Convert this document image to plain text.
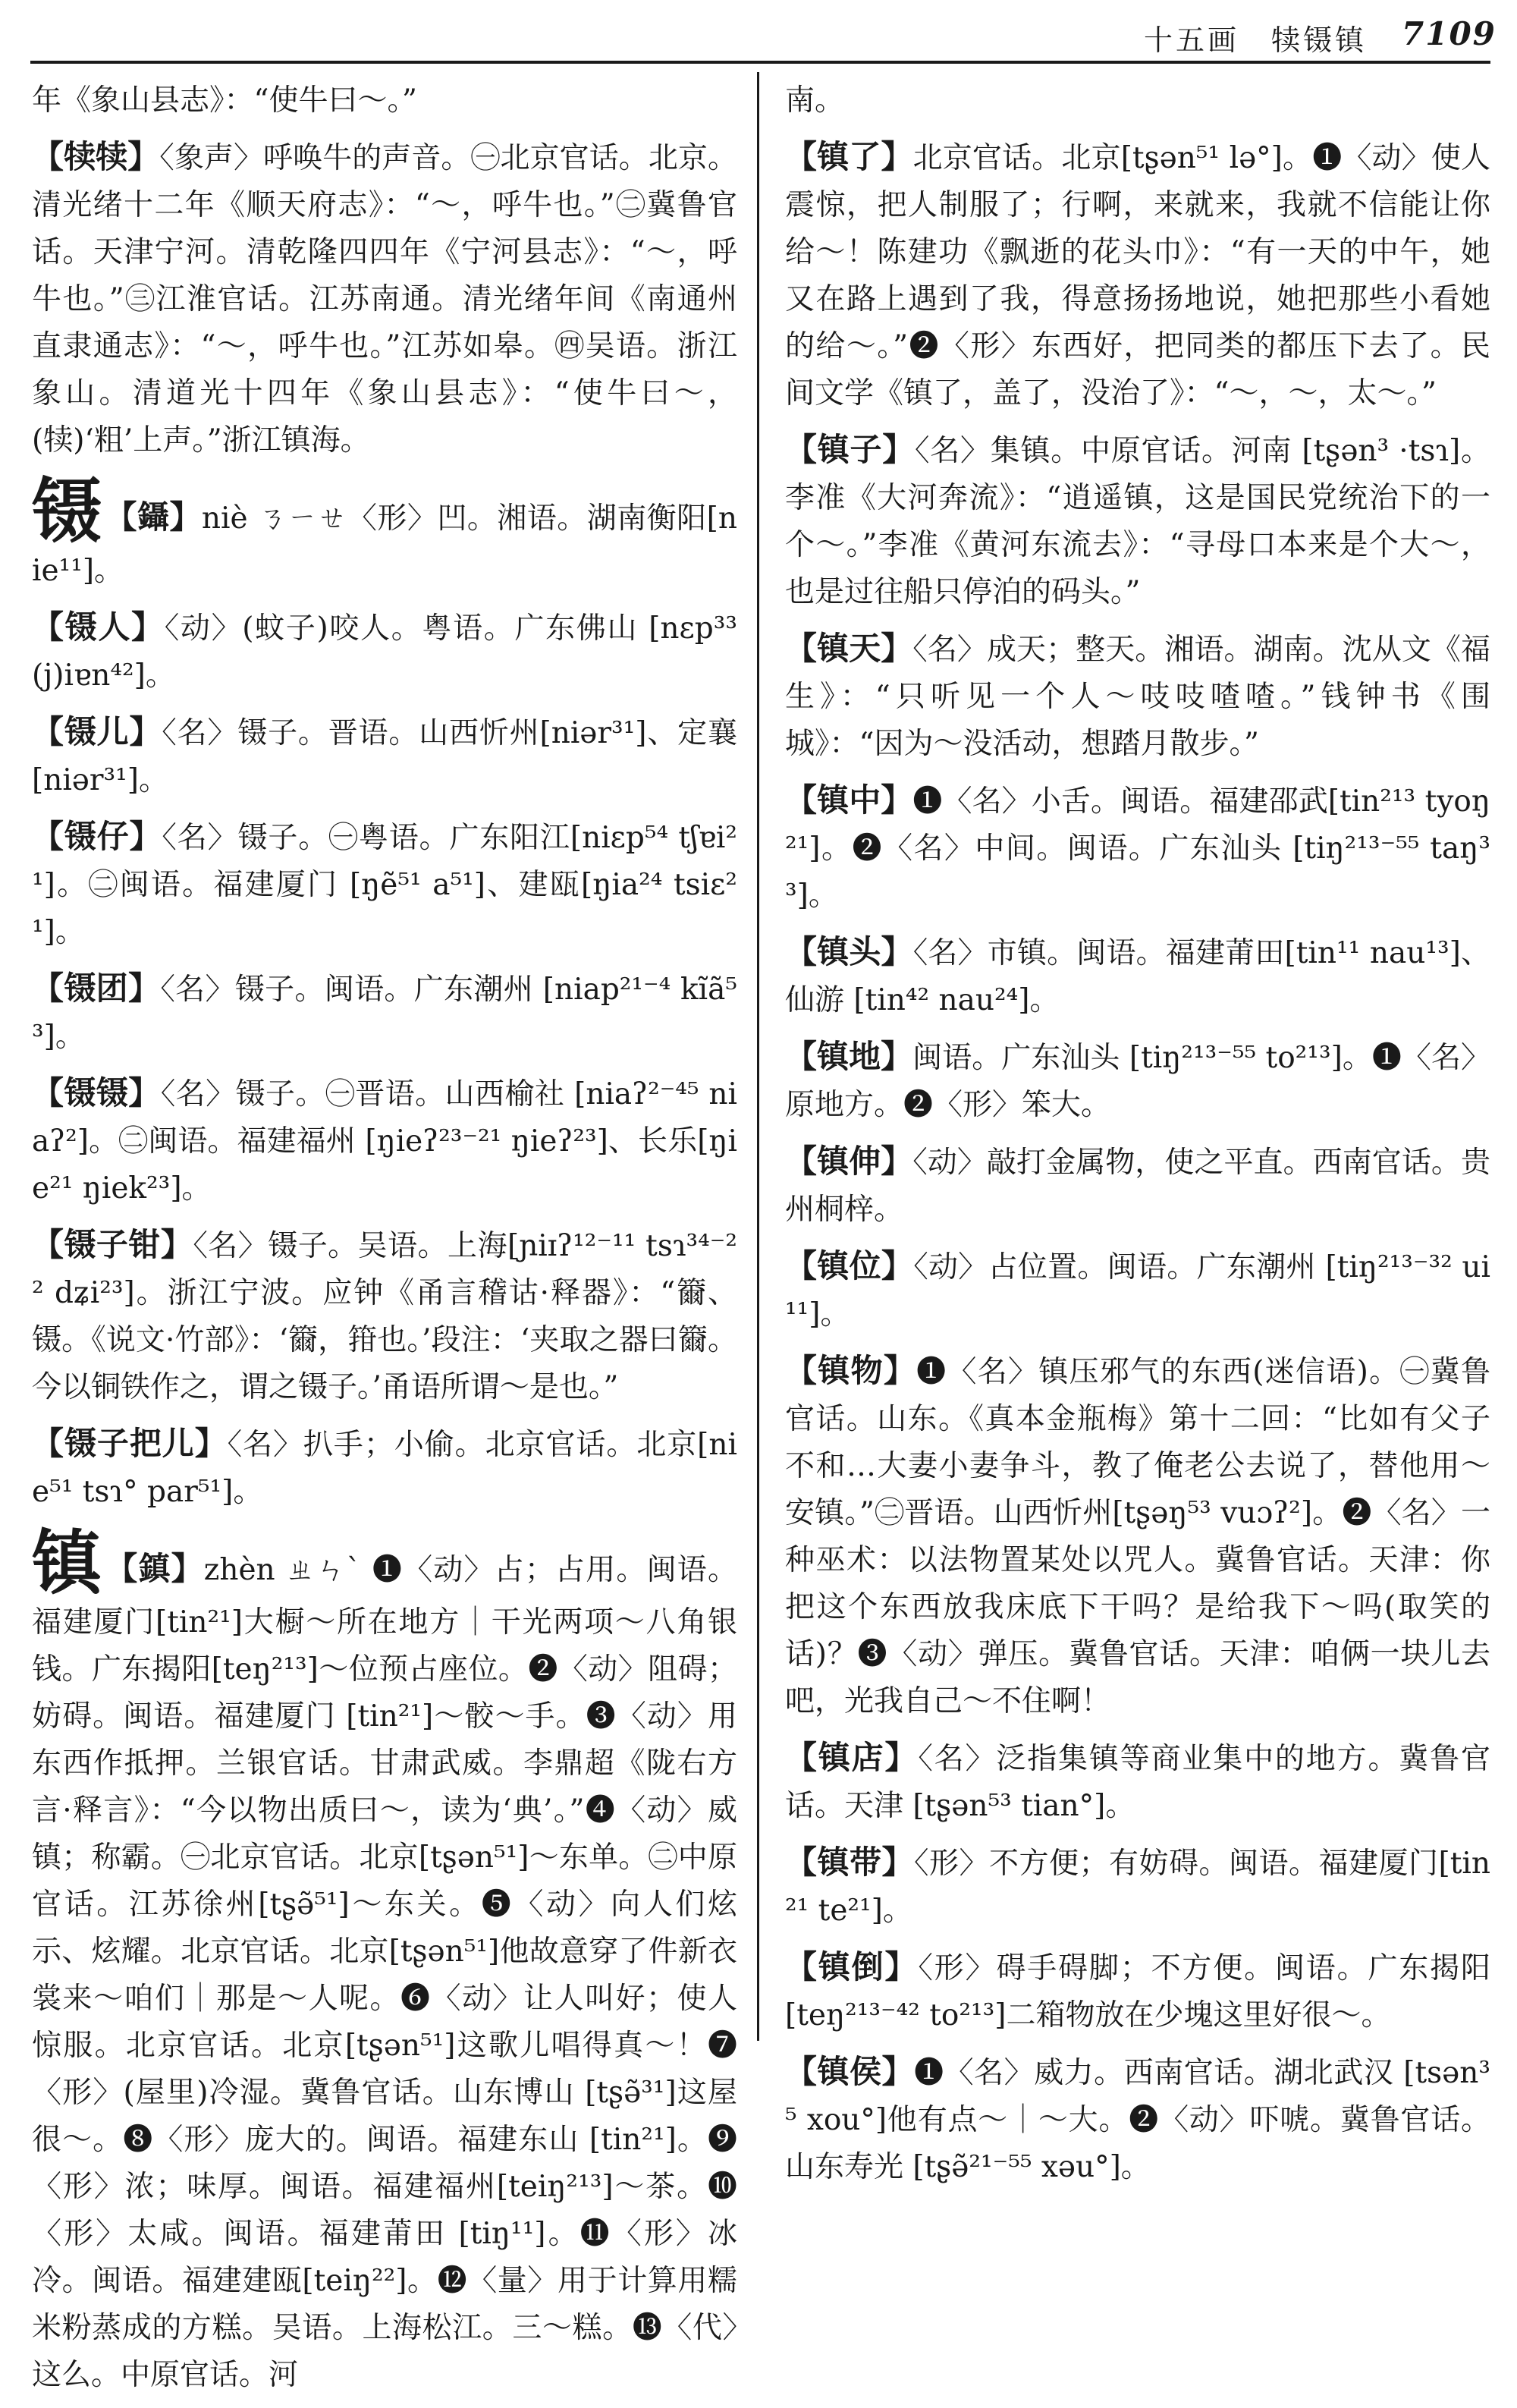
十五画　犊镊镇 7109

年《象山县志》：“使牛曰～。”

【犊犊】〈象声〉呼唤牛的声音。㊀北京官话。北京。清光绪十二年《顺天府志》：“～，呼牛也。”㊁冀鲁官话。天津宁河。清乾隆四四年《宁河县志》：“～，呼牛也。”㊂江淮官话。江苏南通。清光绪年间《南通州直隶通志》：“～，呼牛也。”江苏如皋。㊃吴语。浙江象山。清道光十四年《象山县志》：“使牛曰～，(犊)‘粗’上声。”浙江镇海。

镊【鑷】niè ㄋㄧㄝ〈形〉凹。湘语。湖南衡阳[nie¹¹]。

【镊人】〈动〉(蚊子)咬人。粤语。广东佛山 [nɛp³³ (j)iɐn⁴²]。

【镊儿】〈名〉镊子。晋语。山西忻州[niər³¹]、定襄[niər³¹]。

【镊仔】〈名〉镊子。㊀粤语。广东阳江[niɛp⁵⁴ tʃɐi²¹]。㊁闽语。福建厦门 [ŋẽ⁵¹ a⁵¹]、建瓯[ŋia²⁴ tsiɛ²¹]。

【镊团】〈名〉镊子。闽语。广东潮州 [niap²¹⁻⁴ kĩã⁵³]。

【镊镊】〈名〉镊子。㊀晋语。山西榆社 [niaʔ²⁻⁴⁵ niaʔ²]。㊁闽语。福建福州 [ŋieʔ²³⁻²¹ ŋieʔ²³]、长乐[ŋie²¹ ŋiek²³]。

【镊子钳】〈名〉镊子。吴语。上海[ɲiɪʔ¹²⁻¹¹ tsɿ³⁴⁻²² dʑi²³]。浙江宁波。应钟《甬言稽诂·释器》：“籋、镊。《说文·竹部》：‘籋，箝也。’段注：‘夹取之器曰籋。今以铜铁作之，谓之镊子。’甬语所谓～是也。”

【镊子把儿】〈名〉扒手；小偷。北京官话。北京[nie⁵¹ tsɿ° par⁵¹]。

镇【鎮】zhèn ㄓㄣˋ ❶〈动〉占；占用。闽语。福建厦门[tin²¹]大橱～所在地方｜干光两项～八角银钱。广东揭阳[teŋ²¹³]～位预占座位。❷〈动〉阻碍；妨碍。闽语。福建厦门 [tin²¹]～骹～手。❸〈动〉用东西作抵押。兰银官话。甘肃武威。李鼎超《陇右方言·释言》：“今以物出质曰～，读为‘典’。”❹〈动〉威镇；称霸。㊀北京官话。北京[tʂən⁵¹]～东单。㊁中原官话。江苏徐州[tʂə̃⁵¹]～东关。❺〈动〉向人们炫示、炫耀。北京官话。北京[tʂən⁵¹]他故意穿了件新衣裳来～咱们｜那是～人呢。❻〈动〉让人叫好；使人惊服。北京官话。北京[tʂən⁵¹]这歌儿唱得真～！❼〈形〉(屋里)冷湿。冀鲁官话。山东博山 [tʂə̃³¹]这屋很～。❽〈形〉庞大的。闽语。福建东山 [tin²¹]。❾〈形〉浓；味厚。闽语。福建福州[teiŋ²¹³]～茶。❿〈形〉太咸。闽语。福建莆田 [tiŋ¹¹]。⓫〈形〉冰冷。闽语。福建建瓯[teiŋ²²]。⓬〈量〉用于计算用糯米粉蒸成的方糕。吴语。上海松江。三～糕。⓭〈代〉这么。中原官话。河

南。

【镇了】北京官话。北京[tʂən⁵¹ lə°]。❶〈动〉使人震惊，把人制服了；行啊，来就来，我就不信能让你给～！陈建功《飘逝的花头巾》：“有一天的中午，她又在路上遇到了我，得意扬扬地说，她把那些小看她的给～。”❷〈形〉东西好，把同类的都压下去了。民间文学《镇了，盖了，没治了》：“～，～，太～。”

【镇子】〈名〉集镇。中原官话。河南 [tʂən³ ·tsɿ]。李准《大河奔流》：“逍遥镇，这是国民党统治下的一个～。”李准《黄河东流去》：“寻母口本来是个大～，也是过往船只停泊的码头。”

【镇天】〈名〉成天；整天。湘语。湖南。沈从文《福生》：“只听见一个人～吱吱喳喳。”钱钟书《围城》：“因为～没活动，想踏月散步。”

【镇中】❶〈名〉小舌。闽语。福建邵武[tin²¹³ tyoŋ²¹]。❷〈名〉中间。闽语。广东汕头 [tiŋ²¹³⁻⁵⁵ taŋ³³]。

【镇头】〈名〉市镇。闽语。福建莆田[tin¹¹ nau¹³]、仙游 [tin⁴² nau²⁴]。

【镇地】闽语。广东汕头 [tiŋ²¹³⁻⁵⁵ to²¹³]。❶〈名〉原地方。❷〈形〉笨大。

【镇伸】〈动〉敲打金属物，使之平直。西南官话。贵州桐梓。

【镇位】〈动〉占位置。闽语。广东潮州 [tiŋ²¹³⁻³² ui¹¹]。

【镇物】❶〈名〉镇压邪气的东西(迷信语)。㊀冀鲁官话。山东。《真本金瓶梅》第十二回：“比如有父子不和…大妻小妻争斗，教了俺老公去说了，替他用～安镇。”㊁晋语。山西忻州[tʂəŋ⁵³ vuɔʔ²]。❷〈名〉一种巫术：以法物置某处以咒人。冀鲁官话。天津：你把这个东西放我床底下干吗？是给我下～吗(取笑的话)？❸〈动〉弹压。冀鲁官话。天津：咱俩一块儿去吧，光我自己～不住啊！

【镇店】〈名〉泛指集镇等商业集中的地方。冀鲁官话。天津 [tʂən⁵³ tian°]。

【镇带】〈形〉不方便；有妨碍。闽语。福建厦门[tin²¹ te²¹]。

【镇倒】〈形〉碍手碍脚；不方便。闽语。广东揭阳 [teŋ²¹³⁻⁴² to²¹³]二箱物放在少塊这里好很～。

【镇侯】❶〈名〉威力。西南官话。湖北武汉 [tsən³⁵ xou°]他有点～｜～大。❷〈动〉吓唬。冀鲁官话。山东寿光 [tʂə̃²¹⁻⁵⁵ xəu°]。
